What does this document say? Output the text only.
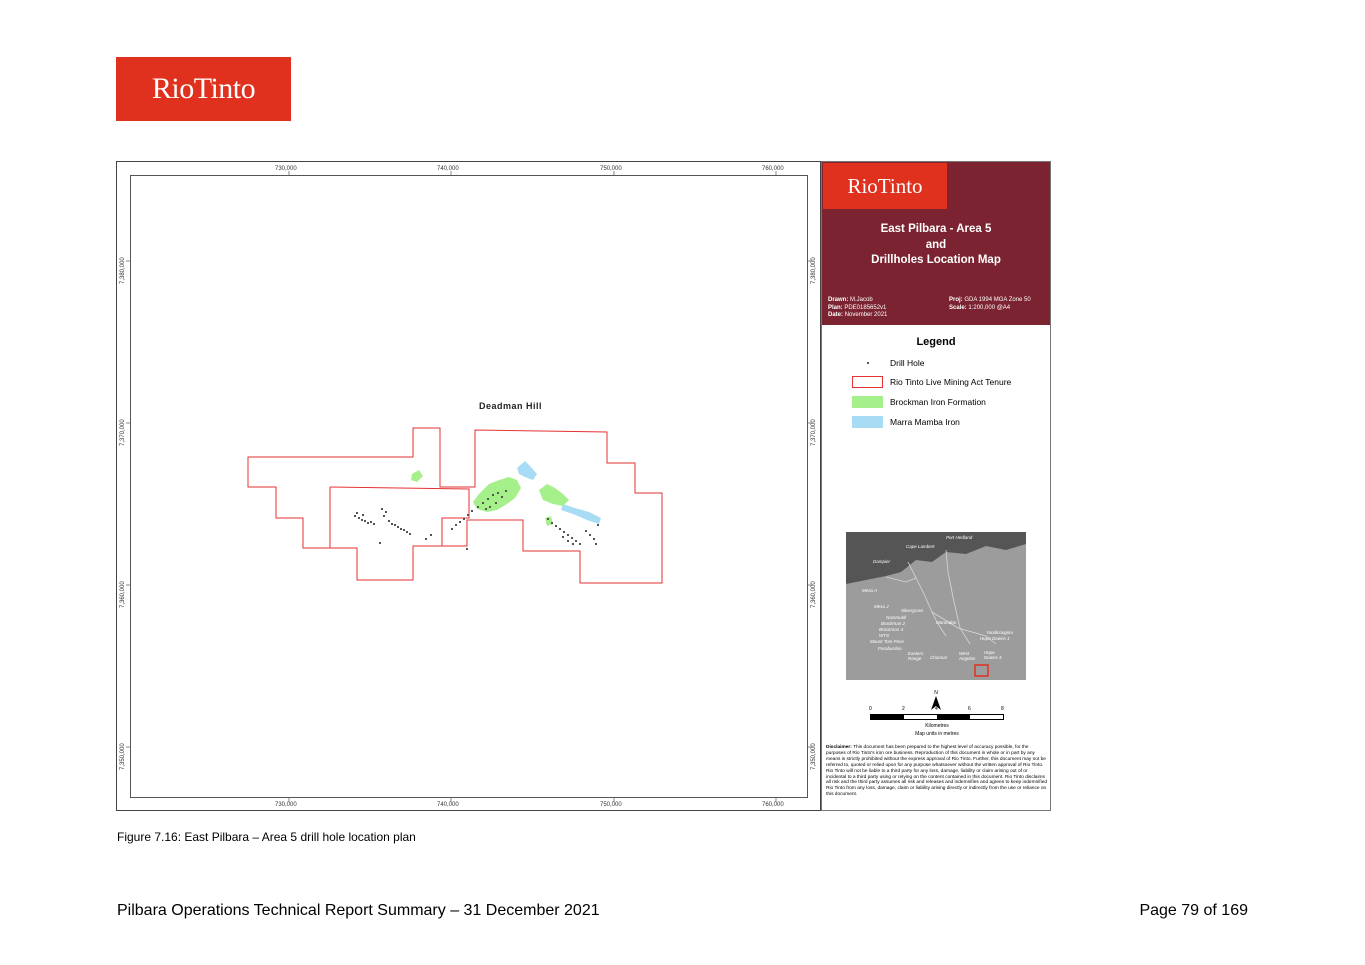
RioTinto
730,000	740,000	750,000	760,000
730,000	740,000	750,000	760,000
7,380,000
7,370,000
7,360,000
7,350,000
7,380,000
7,370,000
7,360,000
7,350,000
Deadman Hill
RioTinto
East Pilbara - Area 5
and
Drillholes Location Map
Drawn: M.Jacob
Plan: PDE0185652v1
Date: November 2021
Proj: GDA 1994 MGA Zone 50
Scale: 1:200,000 @A4
Legend
Drill Hole
Rio Tinto Live Mining Act Tenure
Brockman Iron Formation
Marra Mamba Iron
Port Hedland
Cape Lambert
Dampier
Mesa A
Mesa J
Silvergrass
Nammuldi
Brockman 2
Brockman 4
Marandoo
WTS
Mount Tom Price
Paraburdoo
Eastern Range	Channar
West Angelas
Yandicoogina
Hope Downs 1
Hope Downs 4
N
0	2	4	6	8
Kilometres
Map units in metres
Disclaimer: This document has been prepared to the highest level of accuracy possible, for the purposes of Rio Tinto's iron ore business. Reproduction of this document in whole or in part by any means is strictly prohibited without the express approval of Rio Tinto. Further, this document may not be referred to, quoted or relied upon for any purpose whatsoever without the written approval of Rio Tinto. Rio Tinto will not be liable to a third party for any loss, damage, liability or claim arising out of or incidental to a third party using or relying on the content contained in this document. Rio Tinto disclaims all risk and the third party assumes all risk and releases and indemnifies and agrees to keep indemnified Rio Tinto from any loss, damage, claim or liability arising directly or indirectly from the use or reliance on this document.
Figure 7.16: East Pilbara – Area 5 drill hole location plan
Pilbara Operations Technical Report Summary – 31 December 2021	Page 79 of 169
